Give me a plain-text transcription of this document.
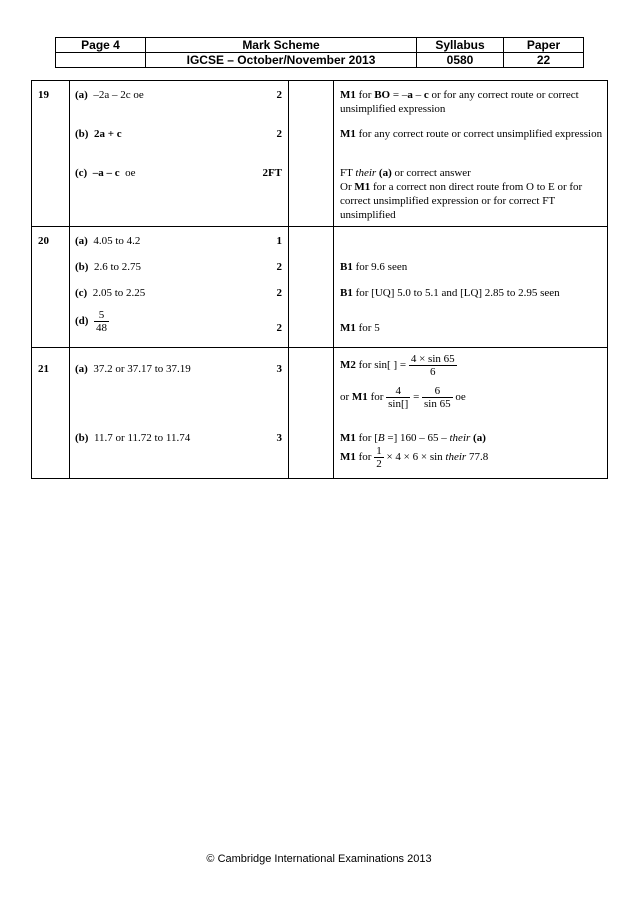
Page 4	Mark Scheme	Syllabus	Paper
	IGCSE – October/November 2013	0580	22
19 (a) –2a – 2c oe	2	M1 for BO = –a – c or for any correct route or correct unsimplified expression
(b) 2a + c	2	M1 for any correct route or correct unsimplified expression
(c) –a – c oe	2FT	FT their (a) or correct answer
Or M1 for a correct non direct route from O to E or for correct unsimplified expression or for correct FT unsimplified
20 (a) 4.05 to 4.2	1
(b) 2.6 to 2.75	2	B1 for 9.6 seen
(c) 2.05 to 2.25	2	B1 for [UQ] 5.0 to 5.1 and [LQ] 2.85 to 2.95 seen
$(d) \frac{5}{48}$	2	M1 for 5
21 (a) 37.2 or 37.17 to 37.19	3	M2 for sin[ ] = $\frac{4 \times \sin 65}{6}$
or M1 for $\frac{4}{\sin[]} = \frac{6}{\sin 65}$ oe
(b) 11.7 or 11.72 to 11.74	3	M1 for [B =] 160 – 65 – their (a)
M1 for $\frac{1}{2} \times 4 \times 6 \times \sin$ their 77.8
© Cambridge International Examinations 2013
